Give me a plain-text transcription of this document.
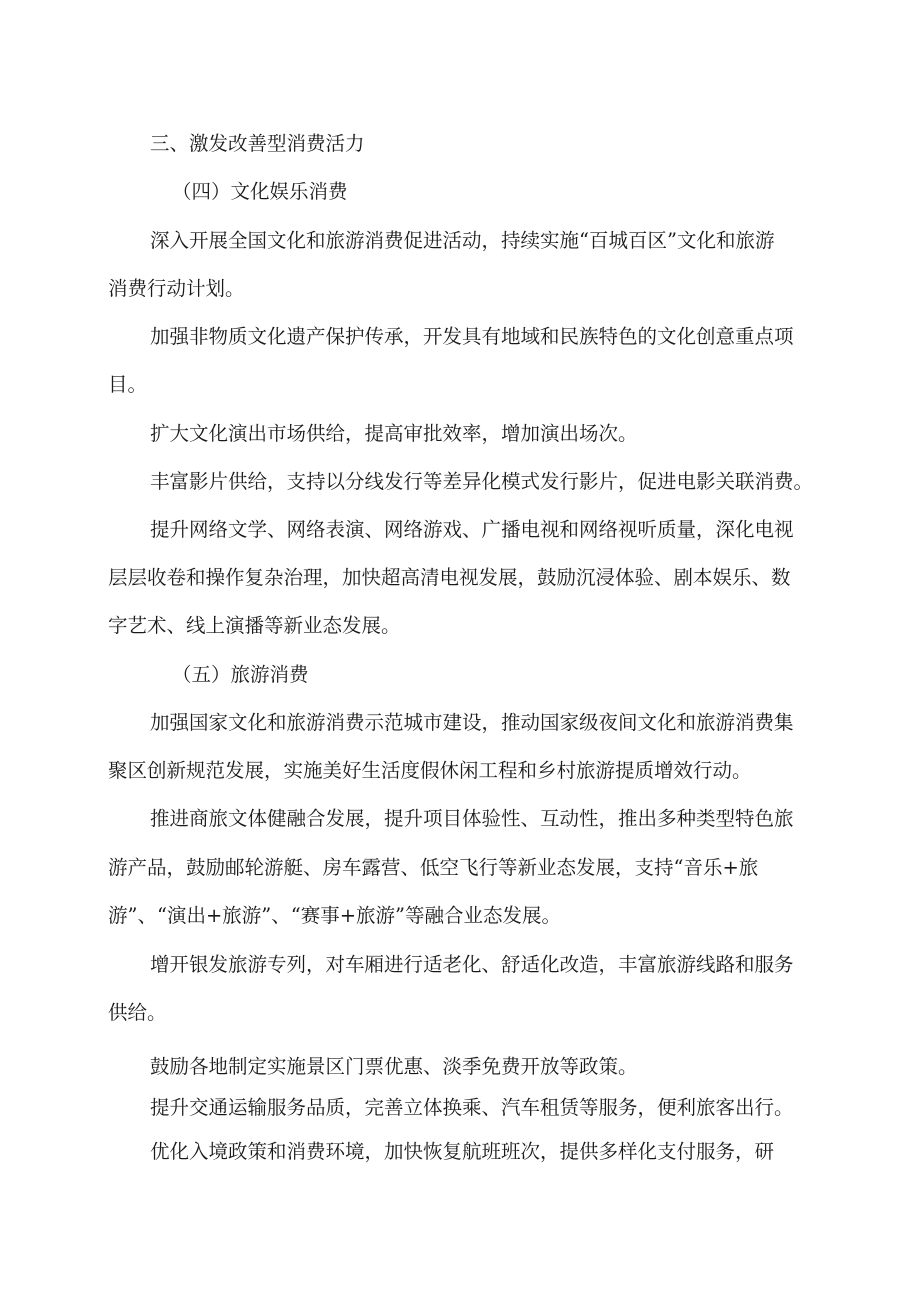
三、激发改善型消费活力
（四）文化娱乐消费
深入开展全国文化和旅游消费促进活动，持续实施“百城百区”文化和旅游
消费行动计划。
加强非物质文化遗产保护传承，开发具有地域和民族特色的文化创意重点项
目。
扩大文化演出市场供给，提高审批效率，增加演出场次。
丰富影片供给，支持以分线发行等差异化模式发行影片，促进电影关联消费。
提升网络文学、网络表演、网络游戏、广播电视和网络视听质量，深化电视
层层收卷和操作复杂治理，加快超高清电视发展，鼓励沉浸体验、剧本娱乐、数
字艺术、线上演播等新业态发展。
（五）旅游消费
加强国家文化和旅游消费示范城市建设，推动国家级夜间文化和旅游消费集
聚区创新规范发展，实施美好生活度假休闲工程和乡村旅游提质增效行动。
推进商旅文体健融合发展，提升项目体验性、互动性，推出多种类型特色旅
游产品，鼓励邮轮游艇、房车露营、低空飞行等新业态发展，支持“音乐+旅
游”、“演出+旅游”、“赛事+旅游”等融合业态发展。
增开银发旅游专列，对车厢进行适老化、舒适化改造，丰富旅游线路和服务
供给。
鼓励各地制定实施景区门票优惠、淡季免费开放等政策。
提升交通运输服务品质，完善立体换乘、汽车租赁等服务，便利旅客出行。
优化入境政策和消费环境，加快恢复航班班次，提供多样化支付服务，研
